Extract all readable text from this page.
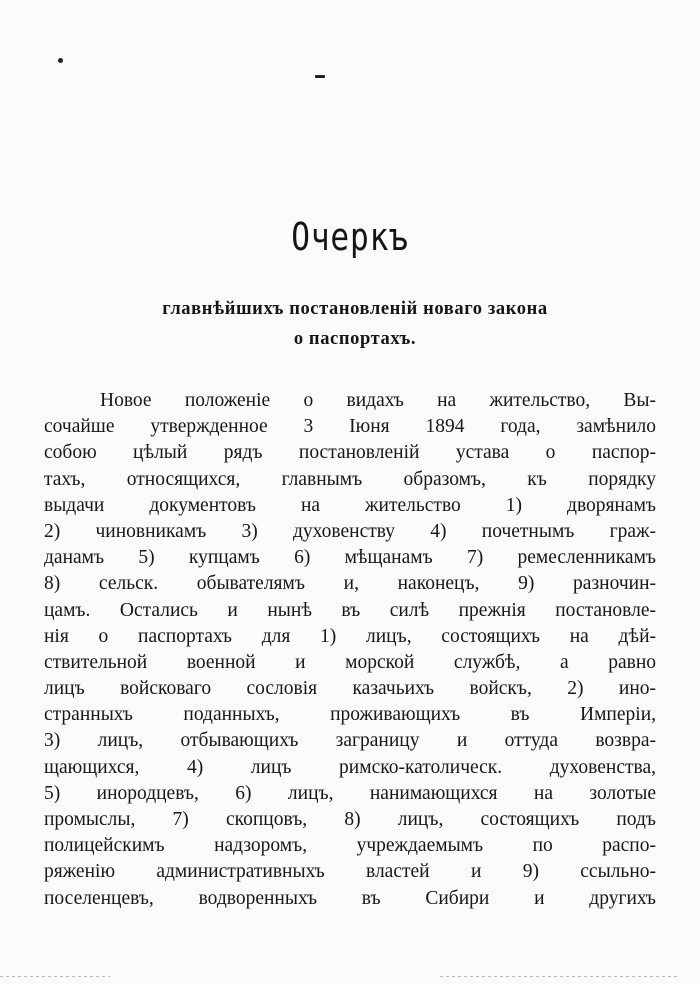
Очеркъ
главнѣйшихъ постановленій новаго закона
о паспортахъ.
Новое положеніе о видахъ на жительство, Вы-
сочайше утвержденное 3 Іюня 1894 года, замѣнило
собою цѣлый рядъ постановленій устава о паспор-
тахъ, относящихся, главнымъ образомъ, къ порядку
выдачи документовъ на жительство 1) дворянамъ
2) чиновникамъ 3) духовенству 4) почетнымъ граж-
данамъ 5) купцамъ 6) мѣщанамъ 7) ремесленникамъ
8) сельск. обывателямъ и, наконецъ, 9) разночин-
цамъ. Остались и нынѣ въ силѣ прежнія постановле-
нія о паспортахъ для 1) лицъ, состоящихъ на дѣй-
ствительной военной и морской службѣ, а равно
лицъ войсковаго сословія казачьихъ войскъ, 2) ино-
странныхъ поданныхъ, проживающихъ въ Имперіи,
3) лицъ, отбывающихъ заграницу и оттуда возвра-
щающихся, 4) лицъ римско-католическ. духовенства,
5) инородцевъ, 6) лицъ, нанимающихся на золотые
промыслы, 7) скопцовъ, 8) лицъ, состоящихъ подъ
полицейскимъ надзоромъ, учреждаемымъ по распо-
ряженію административныхъ властей и 9) ссыльно-
поселенцевъ, водворенныхъ въ Сибири и другихъ
